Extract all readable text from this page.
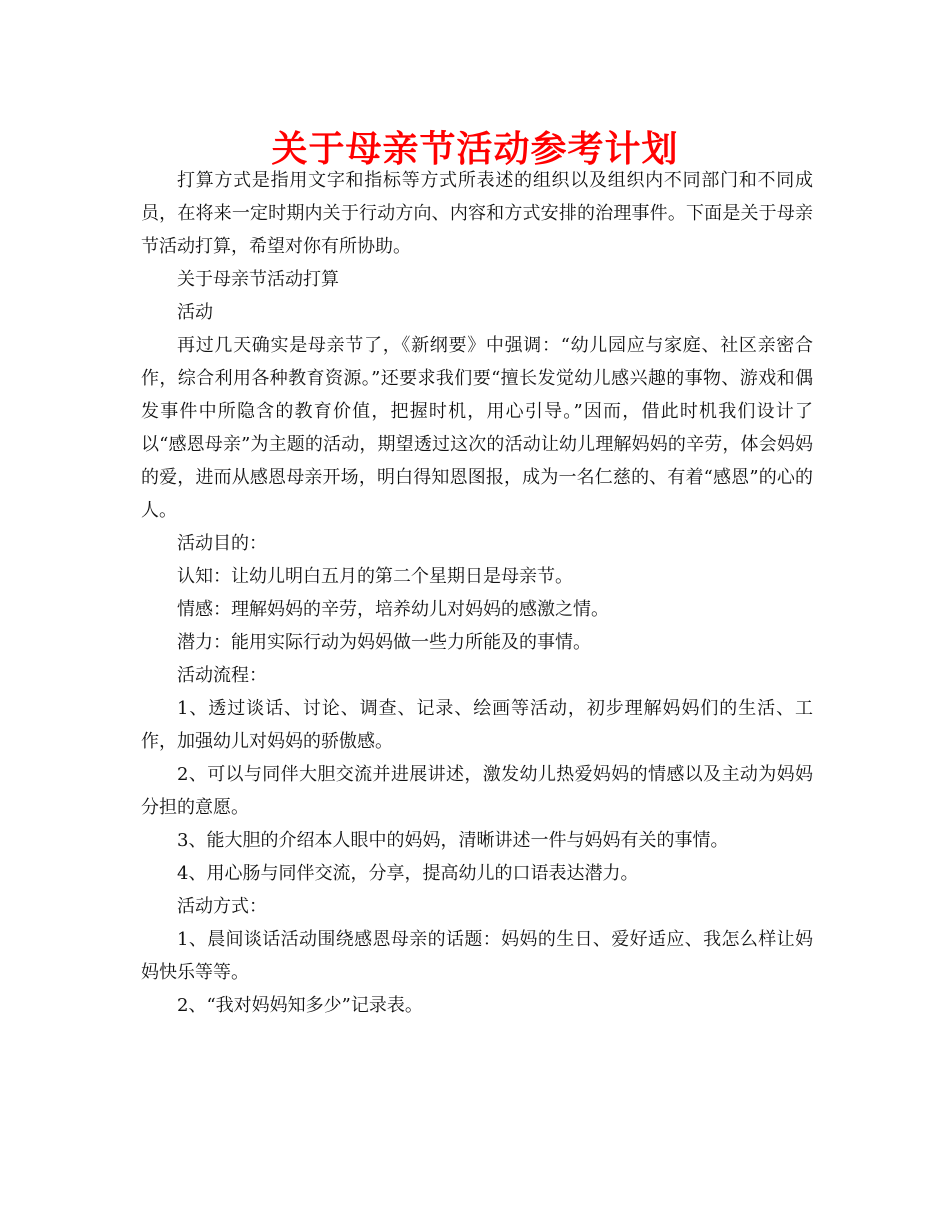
关于母亲节活动参考计划

打算方式是指用文字和指标等方式所表述的组织以及组织内不同部门和不同成员，在将来一定时期内关于行动方向、内容和方式安排的治理事件。下面是关于母亲节活动打算，希望对你有所协助。

关于母亲节活动打算

活动

再过几天确实是母亲节了，《新纲要》中强调：“幼儿园应与家庭、社区亲密合作，综合利用各种教育资源。”还要求我们要“擅长发觉幼儿感兴趣的事物、游戏和偶发事件中所隐含的教育价值，把握时机，用心引导。”因而，借此时机我们设计了以“感恩母亲”为主题的活动，期望透过这次的活动让幼儿理解妈妈的辛劳，体会妈妈的爱，进而从感恩母亲开场，明白得知恩图报，成为一名仁慈的、有着“感恩”的心的人。

活动目的：

认知：让幼儿明白五月的第二个星期日是母亲节。

情感：理解妈妈的辛劳，培养幼儿对妈妈的感激之情。

潜力：能用实际行动为妈妈做一些力所能及的事情。

活动流程：

1、透过谈话、讨论、调查、记录、绘画等活动，初步理解妈妈们的生活、工作，加强幼儿对妈妈的骄傲感。

2、可以与同伴大胆交流并进展讲述，激发幼儿热爱妈妈的情感以及主动为妈妈分担的意愿。

3、能大胆的介绍本人眼中的妈妈，清晰讲述一件与妈妈有关的事情。

4、用心肠与同伴交流，分享，提高幼儿的口语表达潜力。

活动方式：

1、晨间谈话活动围绕感恩母亲的话题：妈妈的生日、爱好适应、我怎么样让妈妈快乐等等。

2、“我对妈妈知多少”记录表。
